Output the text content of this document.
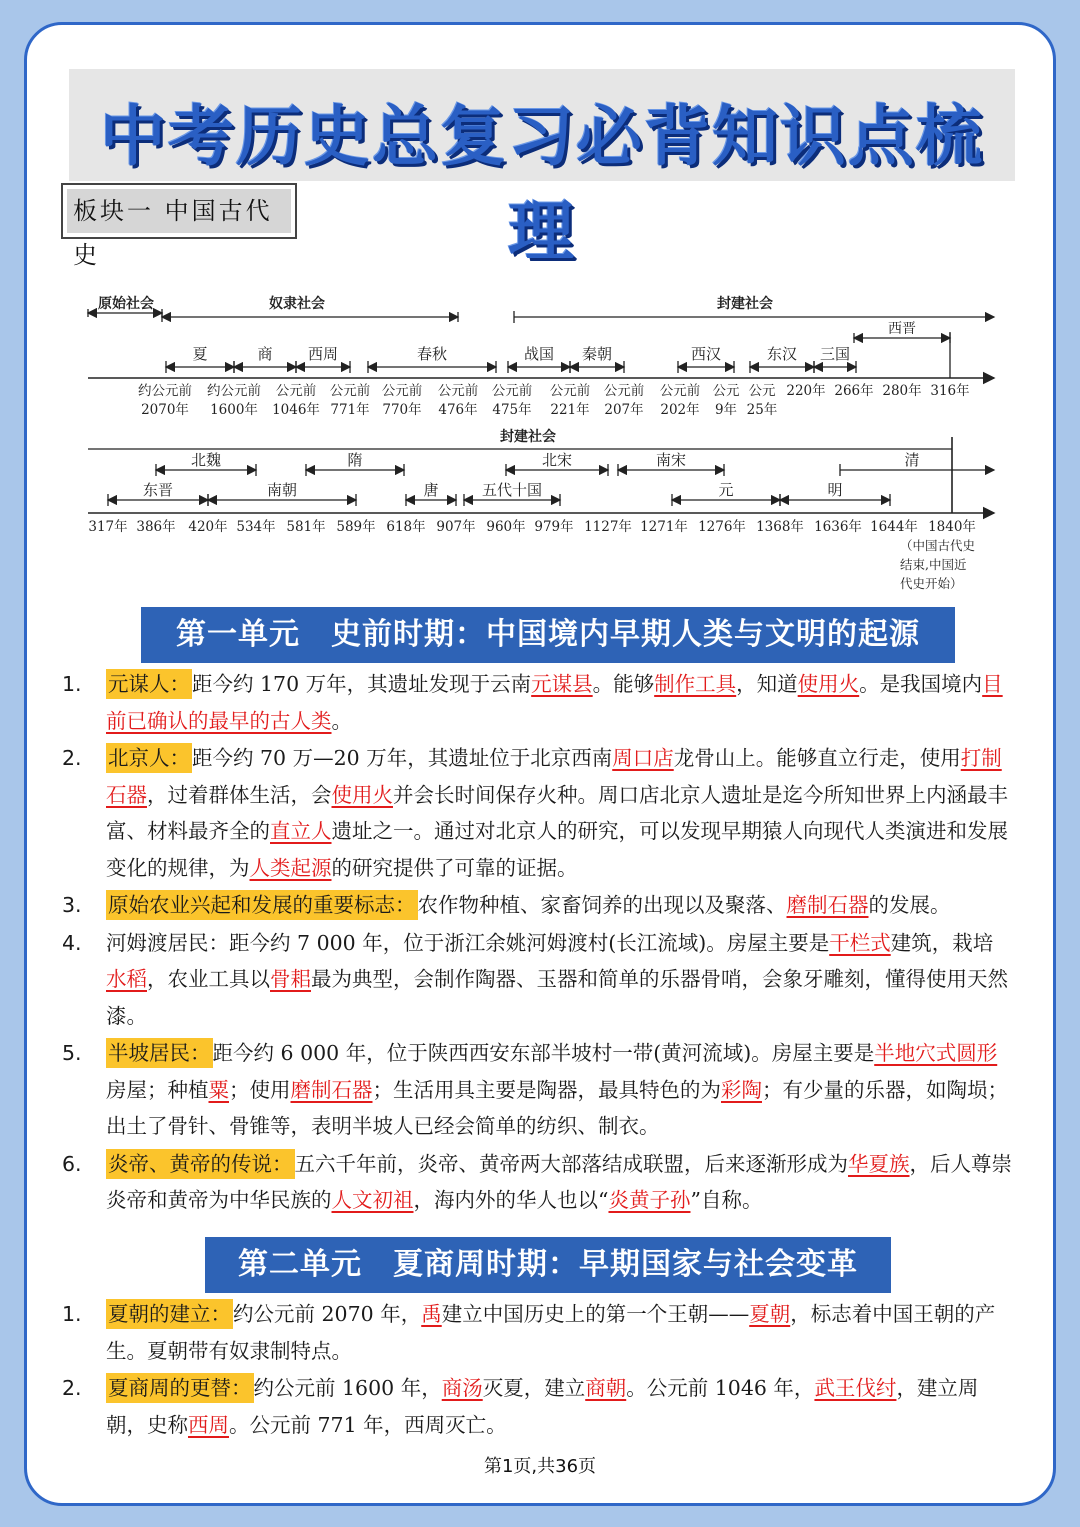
中考历史总复习必背知识点梳理
板块一 中国古代史
原始社会	奴隶社会	封建社会
西晋
夏	商 西周	春秋	战国 秦朝	西汉	东汉 三国
约公元前
2070年
约公元前
1600年
公元前
1046年
公元前
771年
公元前
770年
公元前
476年
公元前
475年
公元前
221年
公元前
207年
公元前
202年
公元
9年
公元
25年
220年 266年 280年 316年
封建社会
北魏	隋	北宋	南宋	清
东晋	南朝	唐	五代十国	元	明
317年 386年 420年 534年 581年 589年 618年 907年 960年 979年 1127年 1271年 1276年 1368年 1636年 1644年 1840年
（中国古代史
结束,中国近
代史开始）
第一单元　史前时期：中国境内早期人类与文明的起源
1.	元谋人：距今约 170 万年，其遗址发现于云南元谋县。能够制作工具，知道使用火。是我国境内目前已确认的最早的古人类。
2.	北京人：距今约 70 万—20 万年，其遗址位于北京西南周口店龙骨山上。能够直立行走，使用打制石器，过着群体生活，会使用火并会长时间保存火种。周口店北京人遗址是迄今所知世界上内涵最丰富、材料最齐全的直立人遗址之一。通过对北京人的研究，可以发现早期猿人向现代人类演进和发展变化的规律，为人类起源的研究提供了可靠的证据。
3.	原始农业兴起和发展的重要标志：农作物种植、家畜饲养的出现以及聚落、磨制石器的发展。
4.	河姆渡居民：距今约 7 000 年，位于浙江余姚河姆渡村(长江流域)。房屋主要是干栏式建筑，栽培水稻，农业工具以骨耜最为典型，会制作陶器、玉器和简单的乐器骨哨，会象牙雕刻，懂得使用天然漆。
5.	半坡居民：距今约 6 000 年，位于陕西西安东部半坡村一带(黄河流域)。房屋主要是半地穴式圆形房屋；种植粟；使用磨制石器；生活用具主要是陶器，最具特色的为彩陶；有少量的乐器，如陶埙；出土了骨针、骨锥等，表明半坡人已经会简单的纺织、制衣。
6.	炎帝、黄帝的传说：五六千年前，炎帝、黄帝两大部落结成联盟，后来逐渐形成为华夏族，后人尊崇炎帝和黄帝为中华民族的人文初祖，海内外的华人也以“炎黄子孙”自称。
第二单元　夏商周时期：早期国家与社会变革
1.	夏朝的建立：约公元前 2070 年，禹建立中国历史上的第一个王朝——夏朝，标志着中国王朝的产生。夏朝带有奴隶制特点。
2.	夏商周的更替：约公元前 1600 年，商汤灭夏，建立商朝。公元前 1046 年，武王伐纣，建立周朝，史称西周。公元前 771 年，西周灭亡。
第1页,共36页
